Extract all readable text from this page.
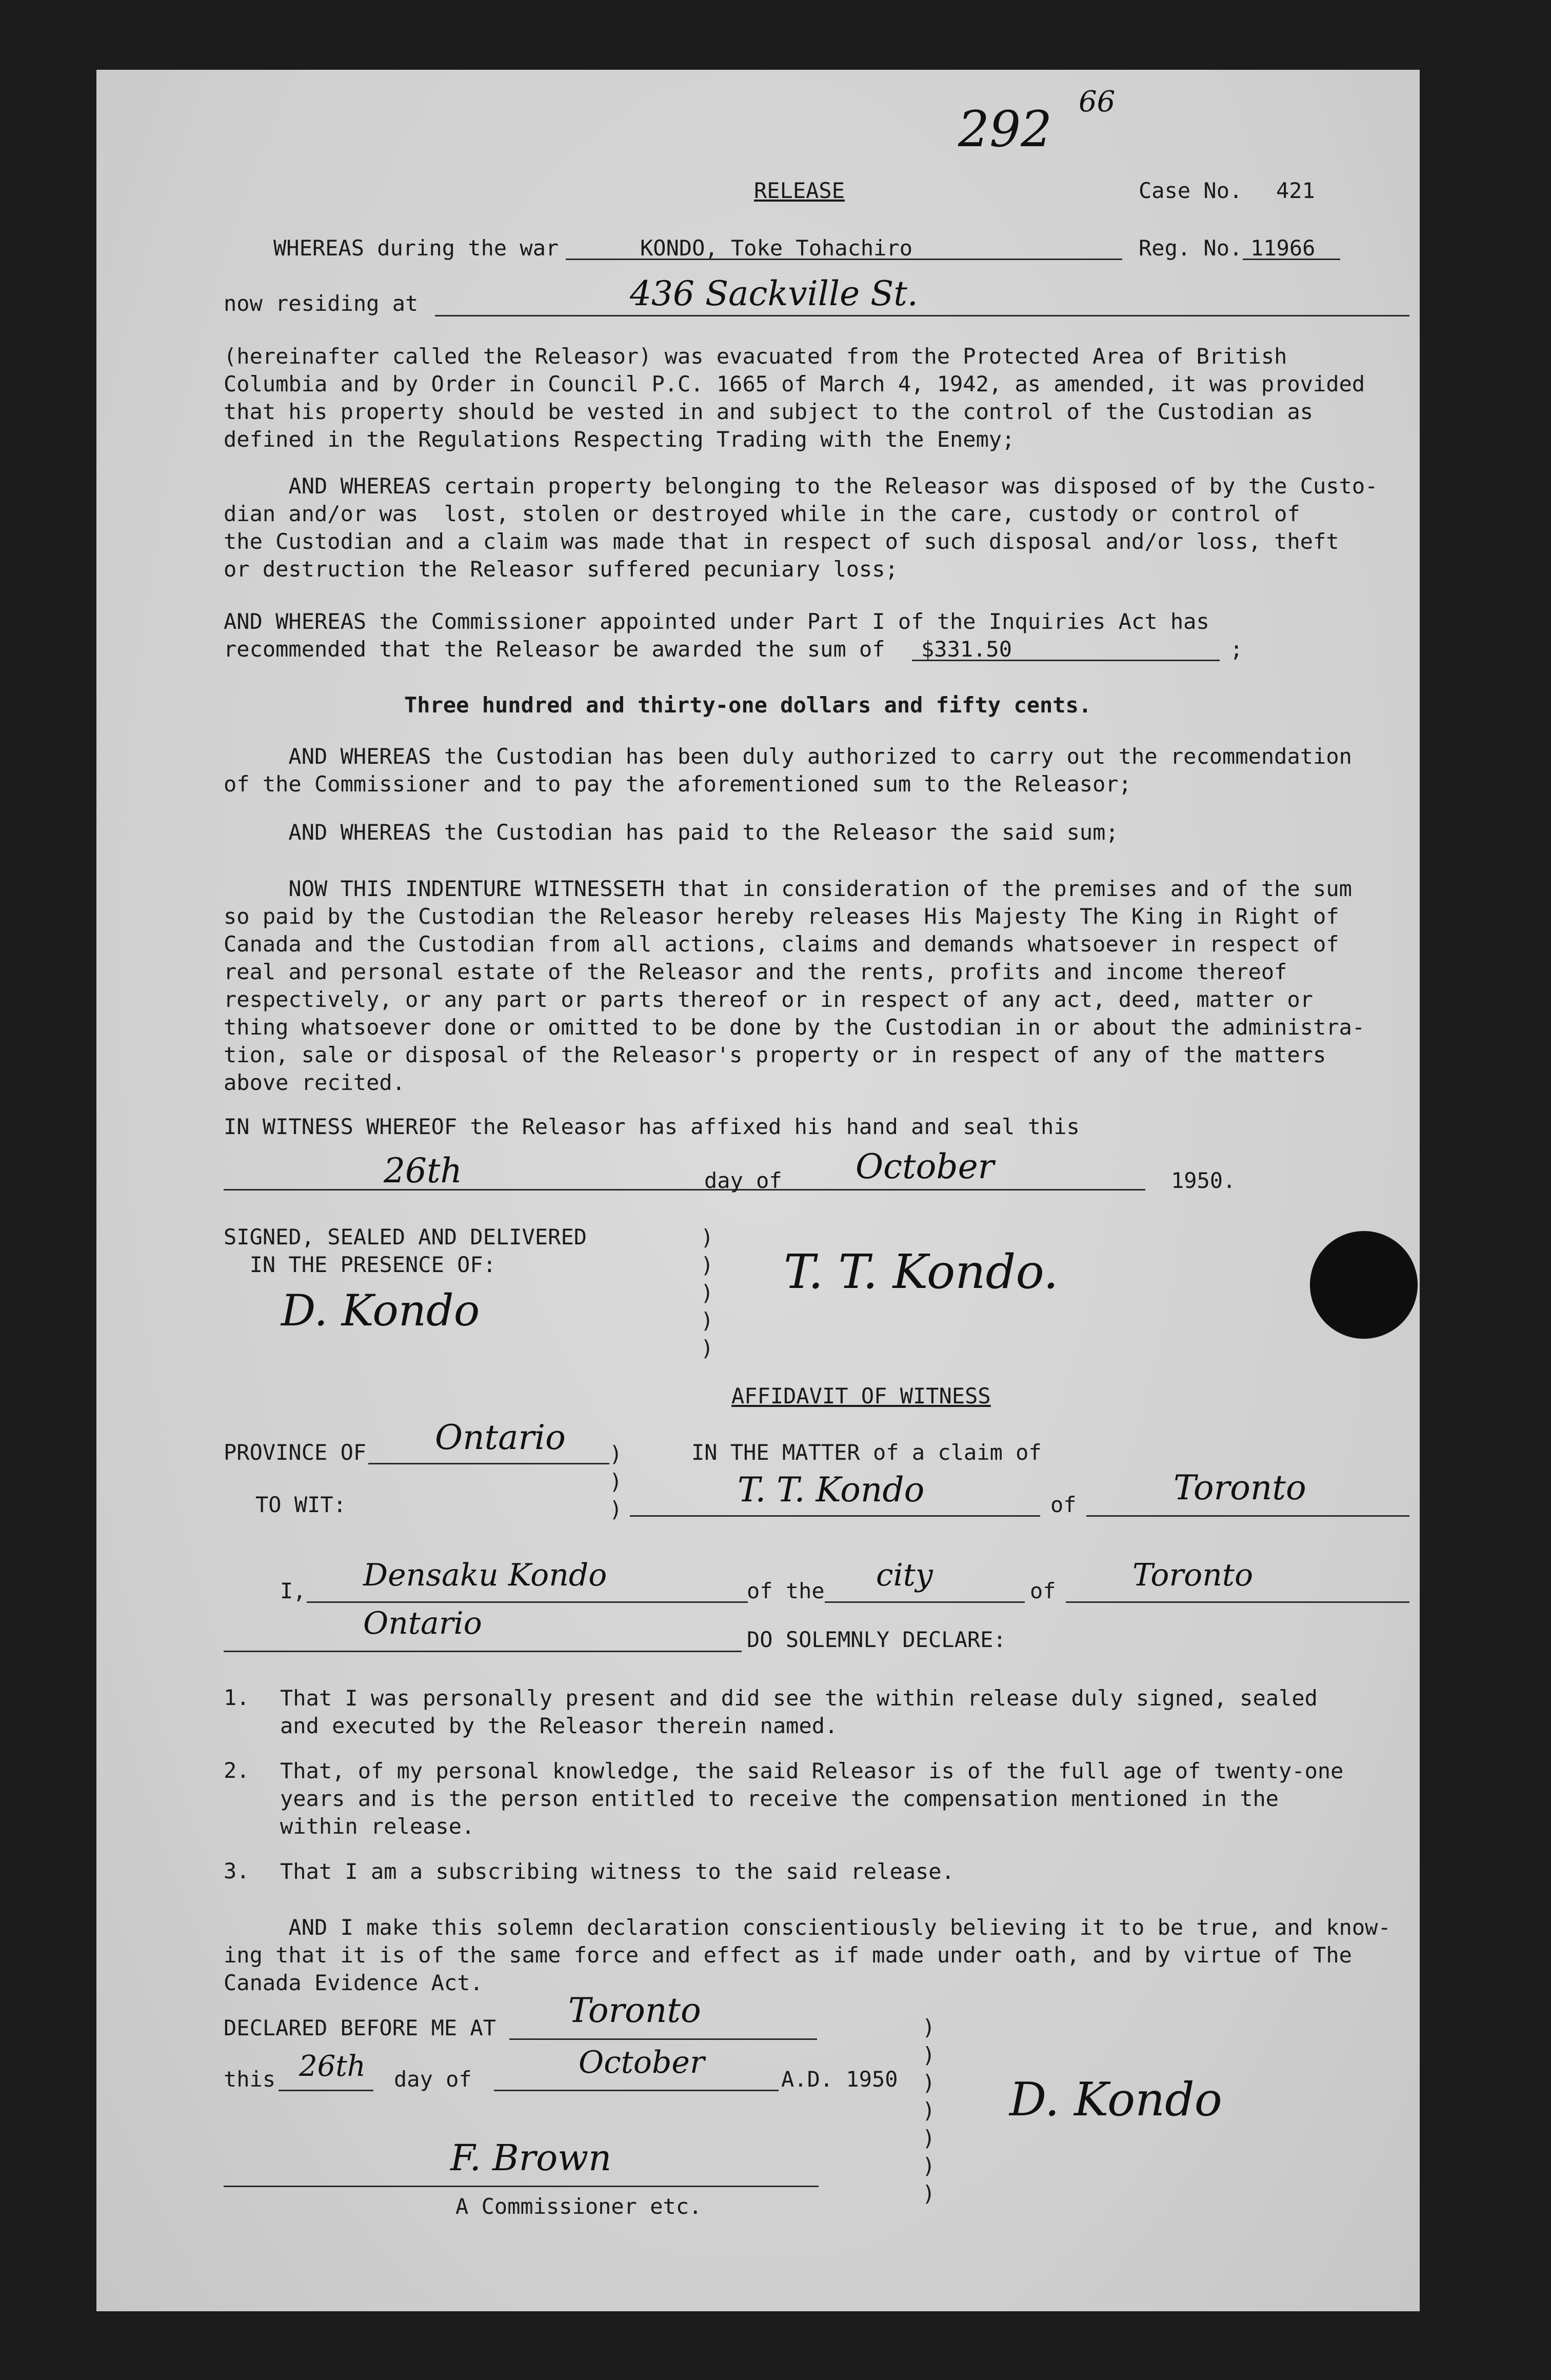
292 66
RELEASE	Case No. 421
WHEREAS during the war	KONDO, Toke Tohachiro	Reg. No. 11966
now residing at	436 Sackville St.
(hereinafter called the Releasor) was evacuated from the Protected Area of British
Columbia and by Order in Council P.C. 1665 of March 4, 1942, as amended, it was provided
that his property should be vested in and subject to the control of the Custodian as
defined in the Regulations Respecting Trading with the Enemy;
AND WHEREAS certain property belonging to the Releasor was disposed of by the Custo-
dian and/or was  lost, stolen or destroyed while in the care, custody or control of
the Custodian and a claim was made that in respect of such disposal and/or loss, theft
or destruction the Releasor suffered pecuniary loss;
AND WHEREAS the Commissioner appointed under Part I of the Inquiries Act has
recommended that the Releasor be awarded the sum of $331.50	;
Three hundred and thirty-one dollars and fifty cents.
AND WHEREAS the Custodian has been duly authorized to carry out the recommendation
of the Commissioner and to pay the aforementioned sum to the Releasor;
AND WHEREAS the Custodian has paid to the Releasor the said sum;
NOW THIS INDENTURE WITNESSETH that in consideration of the premises and of the sum
so paid by the Custodian the Releasor hereby releases His Majesty The King in Right of
Canada and the Custodian from all actions, claims and demands whatsoever in respect of
real and personal estate of the Releasor and the rents, profits and income thereof
respectively, or any part or parts thereof or in respect of any act, deed, matter or
thing whatsoever done or omitted to be done by the Custodian in or about the administra-
tion, sale or disposal of the Releasor's property or in respect of any of the matters
above recited.
IN WITNESS WHEREOF the Releasor has affixed his hand and seal this
26th	day of October	1950.
SIGNED, SEALED AND DELIVERED
IN THE PRESENCE OF:
)
)
)
)
)
D. Kondo
T. T. Kondo.
AFFIDAVIT OF WITNESS
PROVINCE OF Ontario
TO WIT:
)
)
)
IN THE MATTER of a claim of
T. T. Kondo	of	Toronto
I, Densaku Kondo	of the city	of Toronto
Ontario	DO SOLEMNLY DECLARE:
1. That I was personally present and did see the within release duly signed, sealed
and executed by the Releasor therein named.
2. That, of my personal knowledge, the said Releasor is of the full age of twenty-one
years and is the person entitled to receive the compensation mentioned in the
within release.
3. That I am a subscribing witness to the said release.
AND I make this solemn declaration conscientiously believing it to be true, and know-
ing that it is of the same force and effect as if made under oath, and by virtue of The
Canada Evidence Act.
DECLARED BEFORE ME AT Toronto
this 26th day of	October	A.D. 1950
)
)
)
)
)
)
)
D. Kondo
F. Brown
A Commissioner etc.
